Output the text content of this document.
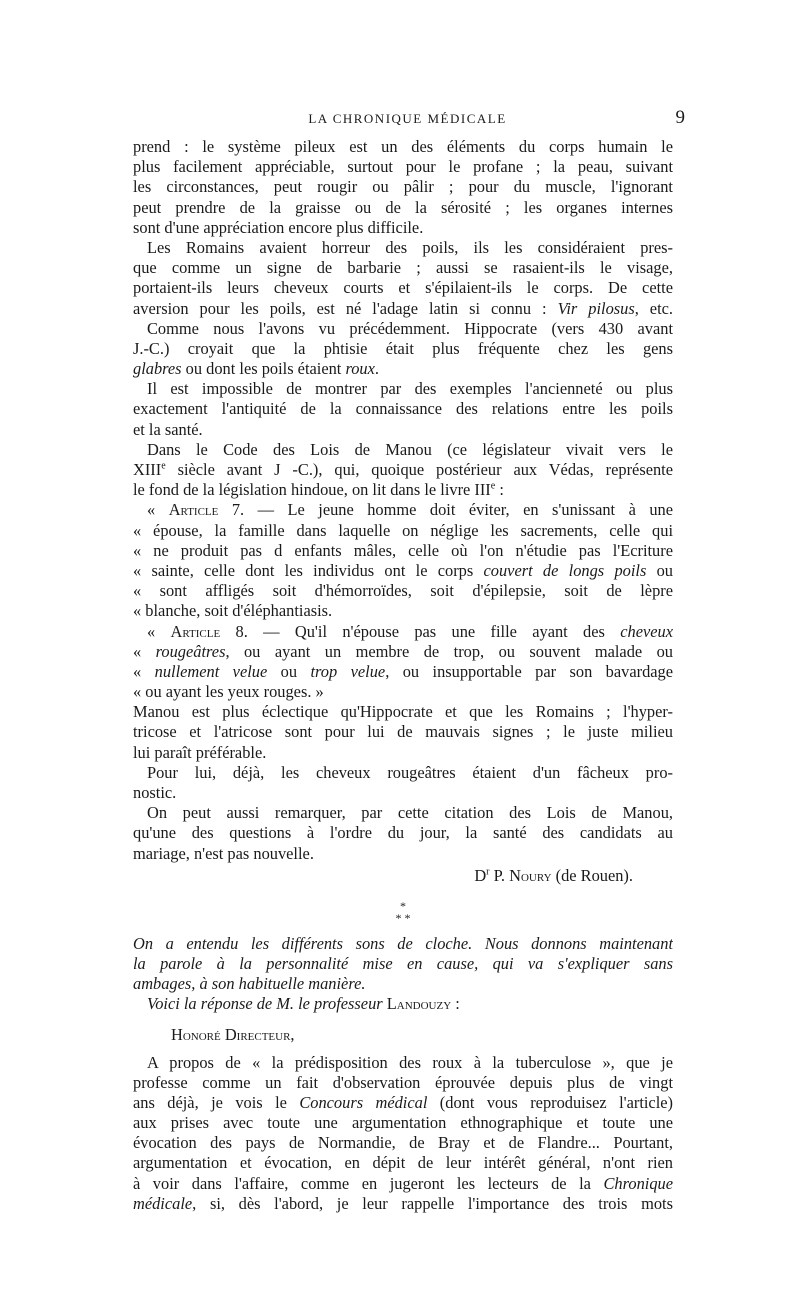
LA CHRONIQUE MÉDICALE	9
prend : le système pileux est un des éléments du corps humain le
plus facilement appréciable, surtout pour le profane ; la peau, suivant
les circonstances, peut rougir ou pâlir ; pour du muscle, l'ignorant
peut prendre de la graisse ou de la sérosité ; les organes internes
sont d'une appréciation encore plus difficile.
Les Romains avaient horreur des poils, ils les considéraient pres-
que comme un signe de barbarie ; aussi se rasaient-ils le visage,
portaient-ils leurs cheveux courts et s'épilaient-ils le corps. De cette
aversion pour les poils, est né l'adage latin si connu : Vir pilosus, etc.
Comme nous l'avons vu précédemment. Hippocrate (vers 430 avant
J.-C.) croyait que la phtisie était plus fréquente chez les gens
glabres ou dont les poils étaient roux.
Il est impossible de montrer par des exemples l'ancienneté ou plus
exactement l'antiquité de la connaissance des relations entre les poils
et la santé.
Dans le Code des Lois de Manou (ce législateur vivait vers le
XIIIe siècle avant J -C.), qui, quoique postérieur aux Védas, représente
le fond de la législation hindoue, on lit dans le livre IIIe :
« Article 7. — Le jeune homme doit éviter, en s'unissant à une
« épouse, la famille dans laquelle on néglige les sacrements, celle qui
« ne produit pas d enfants mâles, celle où l'on n'étudie pas l'Ecriture
« sainte, celle dont les individus ont le corps couvert de longs poils ou
« sont affligés soit d'hémorroïdes, soit d'épilepsie, soit de lèpre
« blanche, soit d'éléphantiasis.
« Article 8. — Qu'il n'épouse pas une fille ayant des cheveux
« rougeâtres, ou ayant un membre de trop, ou souvent malade ou
« nullement velue ou trop velue, ou insupportable par son bavardage
« ou ayant les yeux rouges. »
Manou est plus éclectique qu'Hippocrate et que les Romains ; l'hyper-
tricose et l'atricose sont pour lui de mauvais signes ; le juste milieu
lui paraît préférable.
Pour lui, déjà, les cheveux rougeâtres étaient d'un fâcheux pro-
nostic.
On peut aussi remarquer, par cette citation des Lois de Manou,
qu'une des questions à l'ordre du jour, la santé des candidats au
mariage, n'est pas nouvelle.
$D^r$ P. Noury (de Rouen).
*
* *
On a entendu les différents sons de cloche. Nous donnons maintenant
la parole à la personnalité mise en cause, qui va s'expliquer sans
ambages, à son habituelle manière.
Voici la réponse de M. le professeur Landouzy :
Honoré Directeur,
A propos de « la prédisposition des roux à la tuberculose », que je
professe comme un fait d'observation éprouvée depuis plus de vingt
ans déjà, je vois le Concours médical (dont vous reproduisez l'article)
aux prises avec toute une argumentation ethnographique et toute une
évocation des pays de Normandie, de Bray et de Flandre... Pourtant,
argumentation et évocation, en dépit de leur intérêt général, n'ont rien
à voir dans l'affaire, comme en jugeront les lecteurs de la Chronique
médicale, si, dès l'abord, je leur rappelle l'importance des trois mots
